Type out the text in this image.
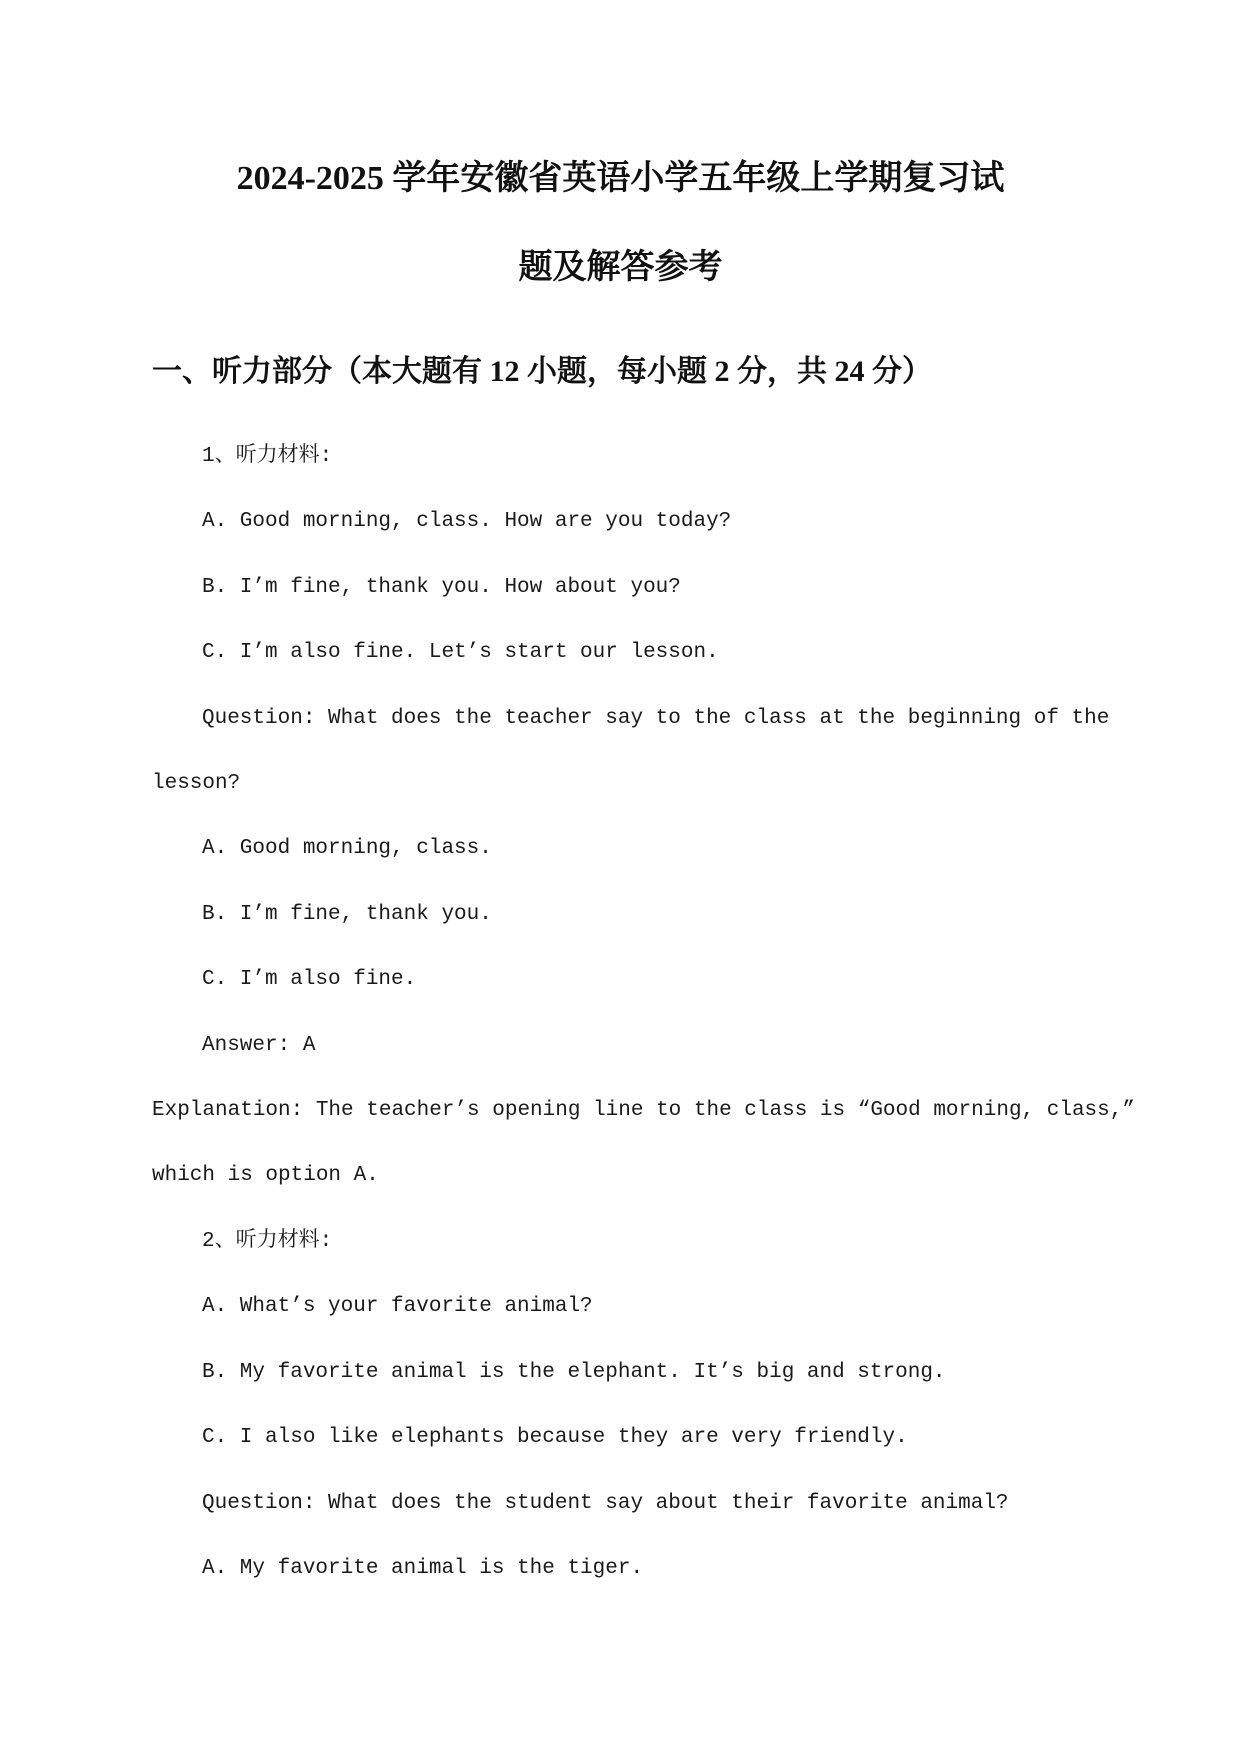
2024-2025 学年安徽省英语小学五年级上学期复习试
题及解答参考
一、听力部分（本大题有 12 小题，每小题 2 分，共 24 分）

1、听力材料:

A. Good morning, class. How are you today?

B. I’m fine, thank you. How about you?

C. I’m also fine. Let’s start our lesson.

Question: What does the teacher say to the class at the beginning of the lesson?

A. Good morning, class.

B. I’m fine, thank you.

C. I’m also fine.

Answer: A

Explanation: The teacher’s opening line to the class is “Good morning, class,” which is option A.

2、听力材料:

A. What’s your favorite animal?

B. My favorite animal is the elephant. It’s big and strong.

C. I also like elephants because they are very friendly.

Question: What does the student say about their favorite animal?

A. My favorite animal is the tiger.
